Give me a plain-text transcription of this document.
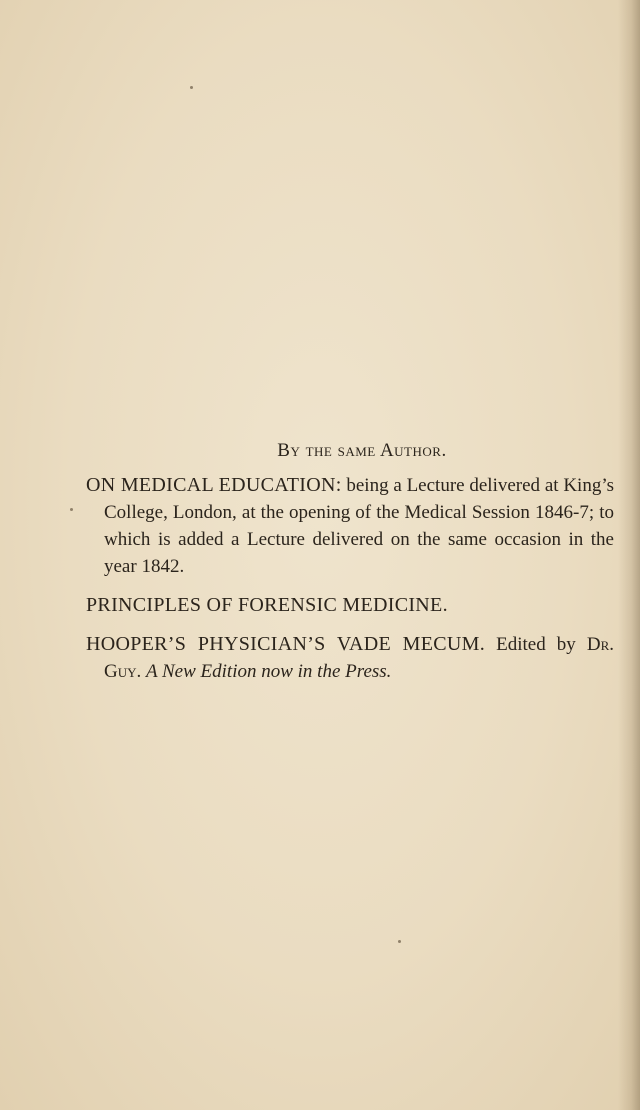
By the same Author.

ON MEDICAL EDUCATION: being a Lecture delivered at King’s College, London, at the opening of the Medical Session 1846-7; to which is added a Lecture delivered on the same occasion in the year 1842.

PRINCIPLES OF FORENSIC MEDICINE.

HOOPER’S PHYSICIAN’S VADE MECUM. Edited by Dr. Guy. A New Edition now in the Press.
